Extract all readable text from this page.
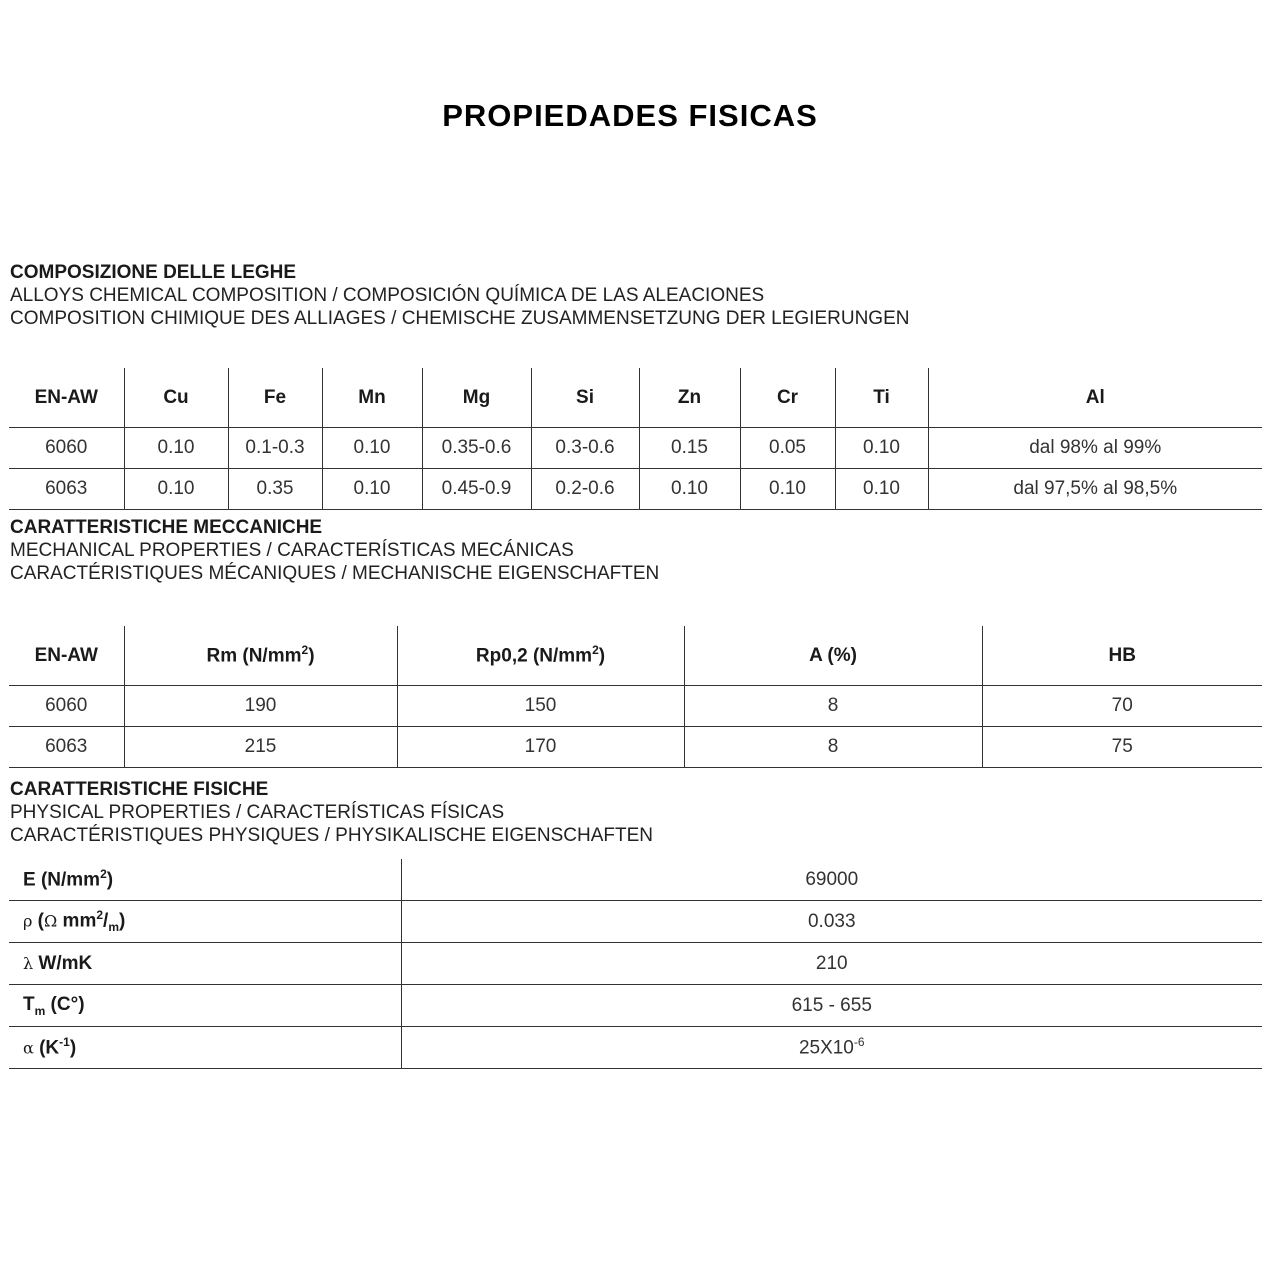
PROPIEDADES FISICAS
COMPOSIZIONE DELLE LEGHE
ALLOYS CHEMICAL COMPOSITION / COMPOSICIÓN QUÍMICA DE LAS ALEACIONES
COMPOSITION CHIMIQUE DES ALLIAGES / CHEMISCHE ZUSAMMENSETZUNG DER LEGIERUNGEN
EN-AW	Cu	Fe	Mn	Mg	Si	Zn	Cr	Ti	Al
6060	0.10	0.1-0.3	0.10	0.35-0.6	0.3-0.6	0.15	0.05	0.10	dal 98% al 99%
6063	0.10	0.35	0.10	0.45-0.9	0.2-0.6	0.10	0.10	0.10	dal 97,5% al 98,5%
CARATTERISTICHE MECCANICHE
MECHANICAL PROPERTIES / CARACTERÍSTICAS MECÁNICAS
CARACTÉRISTIQUES MÉCANIQUES / MECHANISCHE EIGENSCHAFTEN
EN-AW	Rm $(N/mm^2)$	Rp0,2 $(N/mm^2)$	A (%)	HB
6060	190	150	8	70
6063	215	170	8	75
CARATTERISTICHE FISICHE
PHYSICAL PROPERTIES / CARACTERÍSTICAS FÍSICAS
CARACTÉRISTIQUES PHYSIQUES / PHYSIKALISCHE EIGENSCHAFTEN
E $(N/mm^2)$	69000
ρ (Ω $mm^2/_m$)	0.033
λ W/mK	210
$T_m$ (C°)	615 - 655
α $(K^{-1})$	$25X10^{-6}$
